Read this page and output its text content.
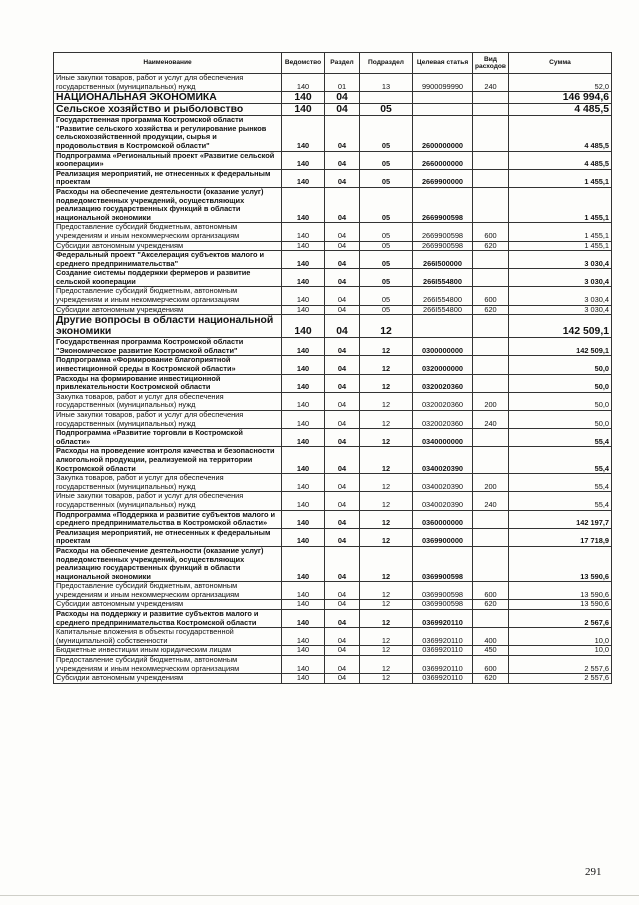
Наименование	Ведомство	Раздел	Подраздел	Целевая статья	Вид расходов	Сумма
Иные закупки товаров, работ и услуг для обеспечения государственных (муниципальных) нужд	140	01	13	9900099990	240	52,0
НАЦИОНАЛЬНАЯ ЭКОНОМИКА	140	04				146 994,6
Сельское хозяйство и рыболовство	140	04	05			4 485,5
Государственная программа Костромской области "Развитие сельского хозяйства и регулирование рынков сельскохозяйственной продукции, сырья и продовольствия в Костромской области"	140	04	05	2600000000		4 485,5
Подпрограмма «Региональный проект «Развитие сельской кооперации»	140	04	05	2660000000		4 485,5
Реализация мероприятий, не отнесенных к федеральным проектам	140	04	05	2669900000		1 455,1
Расходы на обеспечение деятельности (оказание услуг) подведомственных учреждений, осуществляющих реализацию государственных функций в области национальной экономики	140	04	05	2669900598		1 455,1
Предоставление субсидий бюджетным, автономным учреждениям и иным некоммерческим организациям	140	04	05	2669900598	600	1 455,1
Субсидии автономным учреждениям	140	04	05	2669900598	620	1 455,1
Федеральный проект "Акселерация субъектов малого и среднего предпринимательства"	140	04	05	266I500000		3 030,4
Создание системы поддержки фермеров и развитие сельской кооперации	140	04	05	266I554800		3 030,4
Предоставление субсидий бюджетным, автономным учреждениям и иным некоммерческим организациям	140	04	05	266I554800	600	3 030,4
Субсидии автономным учреждениям	140	04	05	266I554800	620	3 030,4
Другие вопросы в области национальной экономики	140	04	12			142 509,1
Государственная программа Костромской области "Экономическое развитие Костромской области"	140	04	12	0300000000		142 509,1
Подпрограмма «Формирование благоприятной инвестиционной среды в Костромской области»	140	04	12	0320000000		50,0
Расходы на формирование инвестиционной привлекательности Костромской области	140	04	12	0320020360		50,0
Закупка товаров, работ и услуг для обеспечения государственных (муниципальных) нужд	140	04	12	0320020360	200	50,0
Иные закупки товаров, работ и услуг для обеспечения государственных (муниципальных) нужд	140	04	12	0320020360	240	50,0
Подпрограмма «Развитие торговли в Костромской области»	140	04	12	0340000000		55,4
Расходы на проведение контроля качества и безопасности алкогольной продукции, реализуемой на территории Костромской области	140	04	12	0340020390		55,4
Закупка товаров, работ и услуг для обеспечения государственных (муниципальных) нужд	140	04	12	0340020390	200	55,4
Иные закупки товаров, работ и услуг для обеспечения государственных (муниципальных) нужд	140	04	12	0340020390	240	55,4
Подпрограмма «Поддержка и развитие субъектов малого и среднего предпринимательства в Костромской области»	140	04	12	0360000000		142 197,7
Реализация мероприятий, не отнесенных к федеральным проектам	140	04	12	0369900000		17 718,9
Расходы на обеспечение деятельности (оказание услуг) подведомственных учреждений, осуществляющих реализацию государственных функций в области национальной экономики	140	04	12	0369900598		13 590,6
Предоставление субсидий бюджетным, автономным учреждениям и иным некоммерческим организациям	140	04	12	0369900598	600	13 590,6
Субсидии автономным учреждениям	140	04	12	0369900598	620	13 590,6
Расходы на поддержку и развитие субъектов малого и среднего предпринимательства Костромской области	140	04	12	0369920110		2 567,6
Капитальные вложения в объекты государственной (муниципальной) собственности	140	04	12	0369920110	400	10,0
Бюджетные инвестиции иным юридическим лицам	140	04	12	0369920110	450	10,0
Предоставление субсидий бюджетным, автономным учреждениям и иным некоммерческим организациям	140	04	12	0369920110	600	2 557,6
Субсидии автономным учреждениям	140	04	12	0369920110	620	2 557,6
291
